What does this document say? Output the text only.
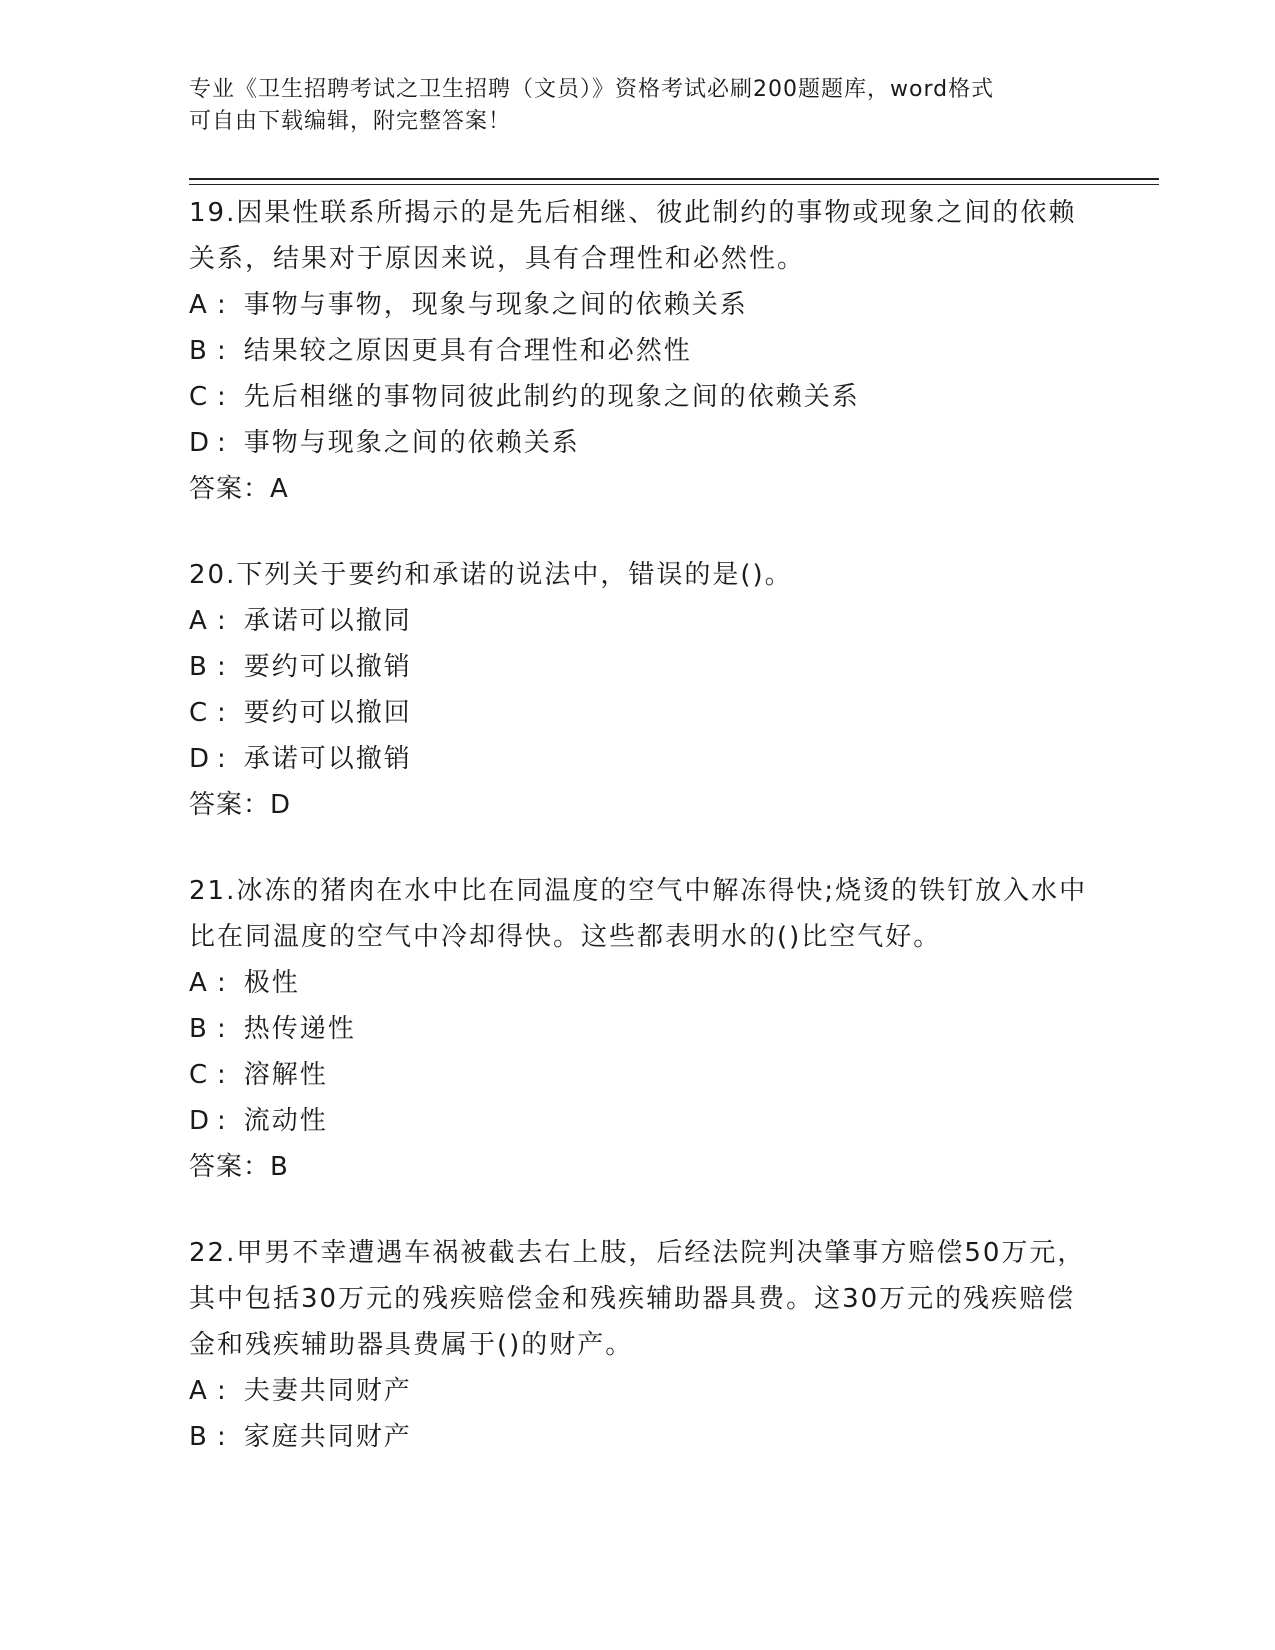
专业《卫生招聘考试之卫生招聘（文员）》资格考试必刷200题题库，word格式
可自由下载编辑，附完整答案！

19.因果性联系所揭示的是先后相继、彼此制约的事物或现象之间的依赖关系，结果对于原因来说，具有合理性和必然性。

A : 事物与事物，现象与现象之间的依赖关系

B : 结果较之原因更具有合理性和必然性

C : 先后相继的事物同彼此制约的现象之间的依赖关系

D : 事物与现象之间的依赖关系

答案：A

20.下列关于要约和承诺的说法中，错误的是()。

A : 承诺可以撤同

B : 要约可以撤销

C : 要约可以撤回

D : 承诺可以撤销

答案：D

21.冰冻的猪肉在水中比在同温度的空气中解冻得快;烧烫的铁钉放入水中比在同温度的空气中冷却得快。这些都表明水的()比空气好。

A : 极性

B : 热传递性

C : 溶解性

D : 流动性

答案：B

22.甲男不幸遭遇车祸被截去右上肢，后经法院判决肇事方赔偿50万元，其中包括30万元的残疾赔偿金和残疾辅助器具费。这30万元的残疾赔偿金和残疾辅助器具费属于()的财产。

A : 夫妻共同财产

B : 家庭共同财产
